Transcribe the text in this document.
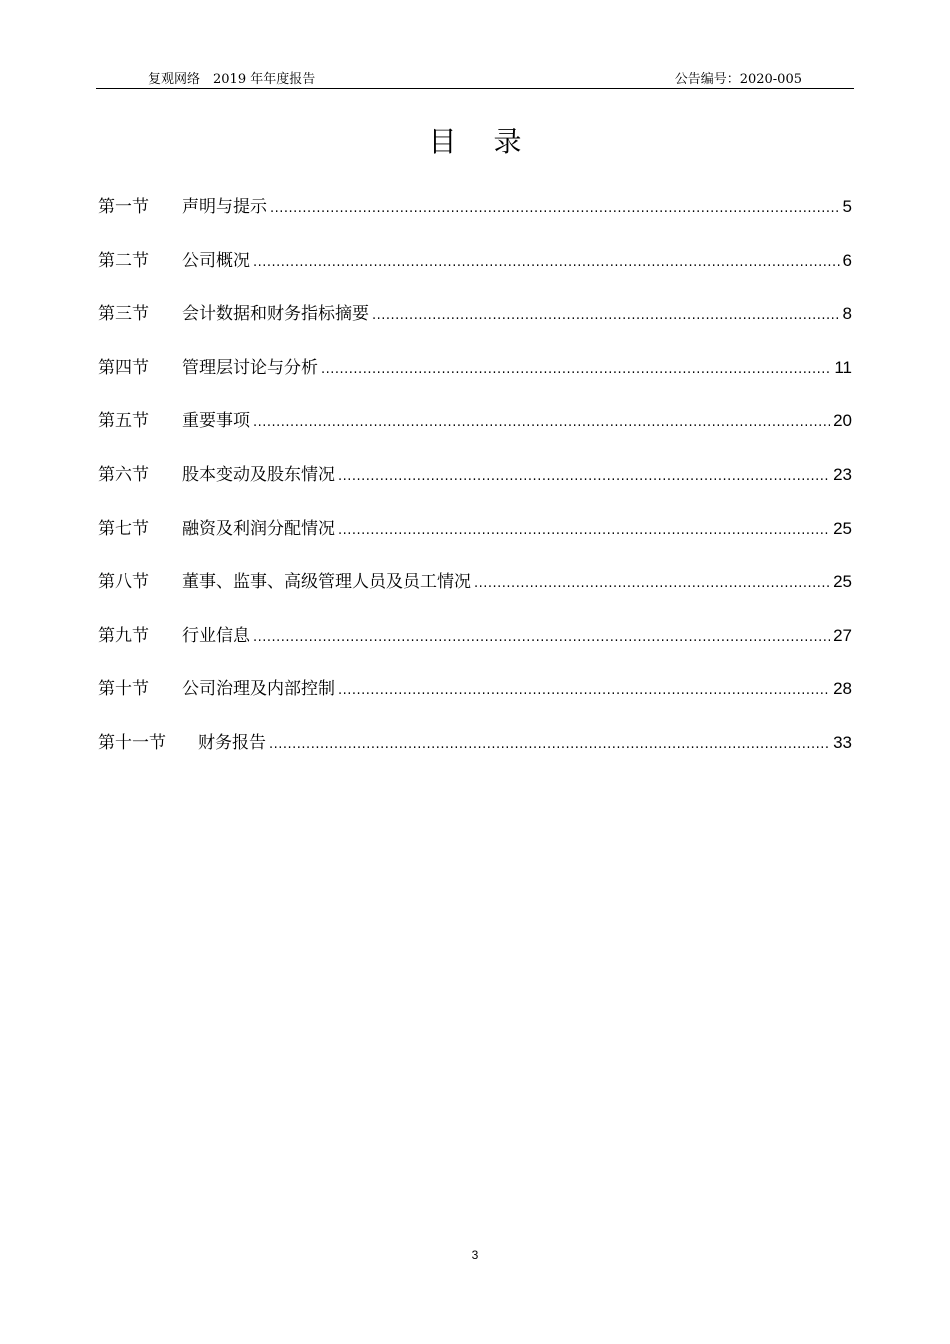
复观网络　2019 年年度报告	公告编号：2020-005
目 录
第一节	声明与提示 .....	5
第二节	公司概况 .....	6
第三节	会计数据和财务指标摘要 .....	8
第四节	管理层讨论与分析 .....	11
第五节	重要事项 .....	20
第六节	股本变动及股东情况 .....	23
第七节	融资及利润分配情况 .....	25
第八节	董事、监事、高级管理人员及员工情况 .....	25
第九节	行业信息 .....	27
第十节	公司治理及内部控制 .....	28
第十一节	财务报告 .....	33
3
